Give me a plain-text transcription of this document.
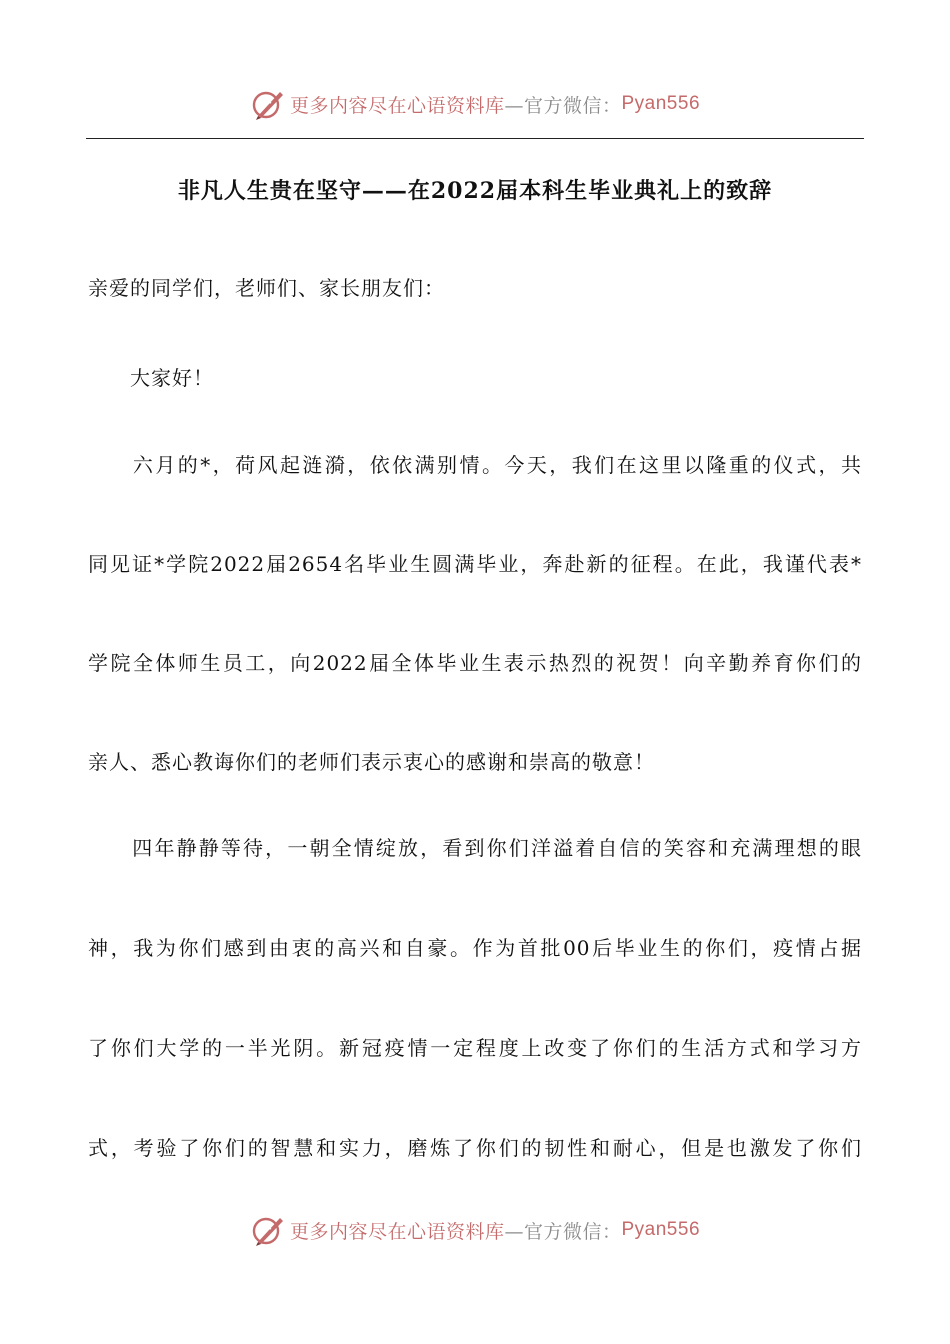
更多内容尽在心语资料库 —官方微信： Pyan556
非凡人生贵在坚守——在2022届本科生毕业典礼上的致辞
亲爱的同学们，老师们、家长朋友们：
　　大家好！
　　六月的*，荷风起涟漪，依依满别情。今天，我们在这里以隆重的仪式，共
同见证*学院2022届2654名毕业生圆满毕业，奔赴新的征程。在此，我谨代表*
学院全体师生员工，向2022届全体毕业生表示热烈的祝贺！向辛勤养育你们的
亲人、悉心教诲你们的老师们表示衷心的感谢和崇高的敬意！
　　四年静静等待，一朝全情绽放，看到你们洋溢着自信的笑容和充满理想的眼
神，我为你们感到由衷的高兴和自豪。作为首批00后毕业生的你们，疫情占据
了你们大学的一半光阴。新冠疫情一定程度上改变了你们的生活方式和学习方
式，考验了你们的智慧和实力，磨炼了你们的韧性和耐心，但是也激发了你们
更多内容尽在心语资料库 —官方微信： Pyan556
